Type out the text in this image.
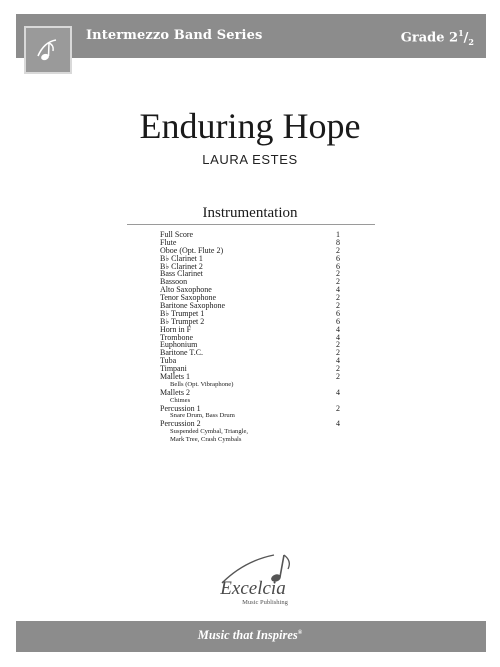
Intermezzo Band Series	Grade $2^1/_2$
Enduring Hope
LAURA ESTES
Instrumentation
Full Score	1
Flute	8
Oboe (Opt. Flute 2)	2
B♭ Clarinet 1	6
B♭ Clarinet 2	6
Bass Clarinet	2
Bassoon	2
Alto Saxophone	4
Tenor Saxophone	2
Baritone Saxophone	2
B♭ Trumpet 1	6
B♭ Trumpet 2	6
Horn in F	4
Trombone	4
Euphonium	2
Baritone T.C.	2
Tuba	4
Timpani	2
Mallets 1	2
Bells (Opt. Vibraphone)
Mallets 2	4
Chimes
Percussion 1	2
Snare Drum, Bass Drum
Percussion 2	4
Suspended Cymbal, Triangle,
Mark Tree, Crash Cymbals
Excelcia
Music Publishing
Music that Inspires®
